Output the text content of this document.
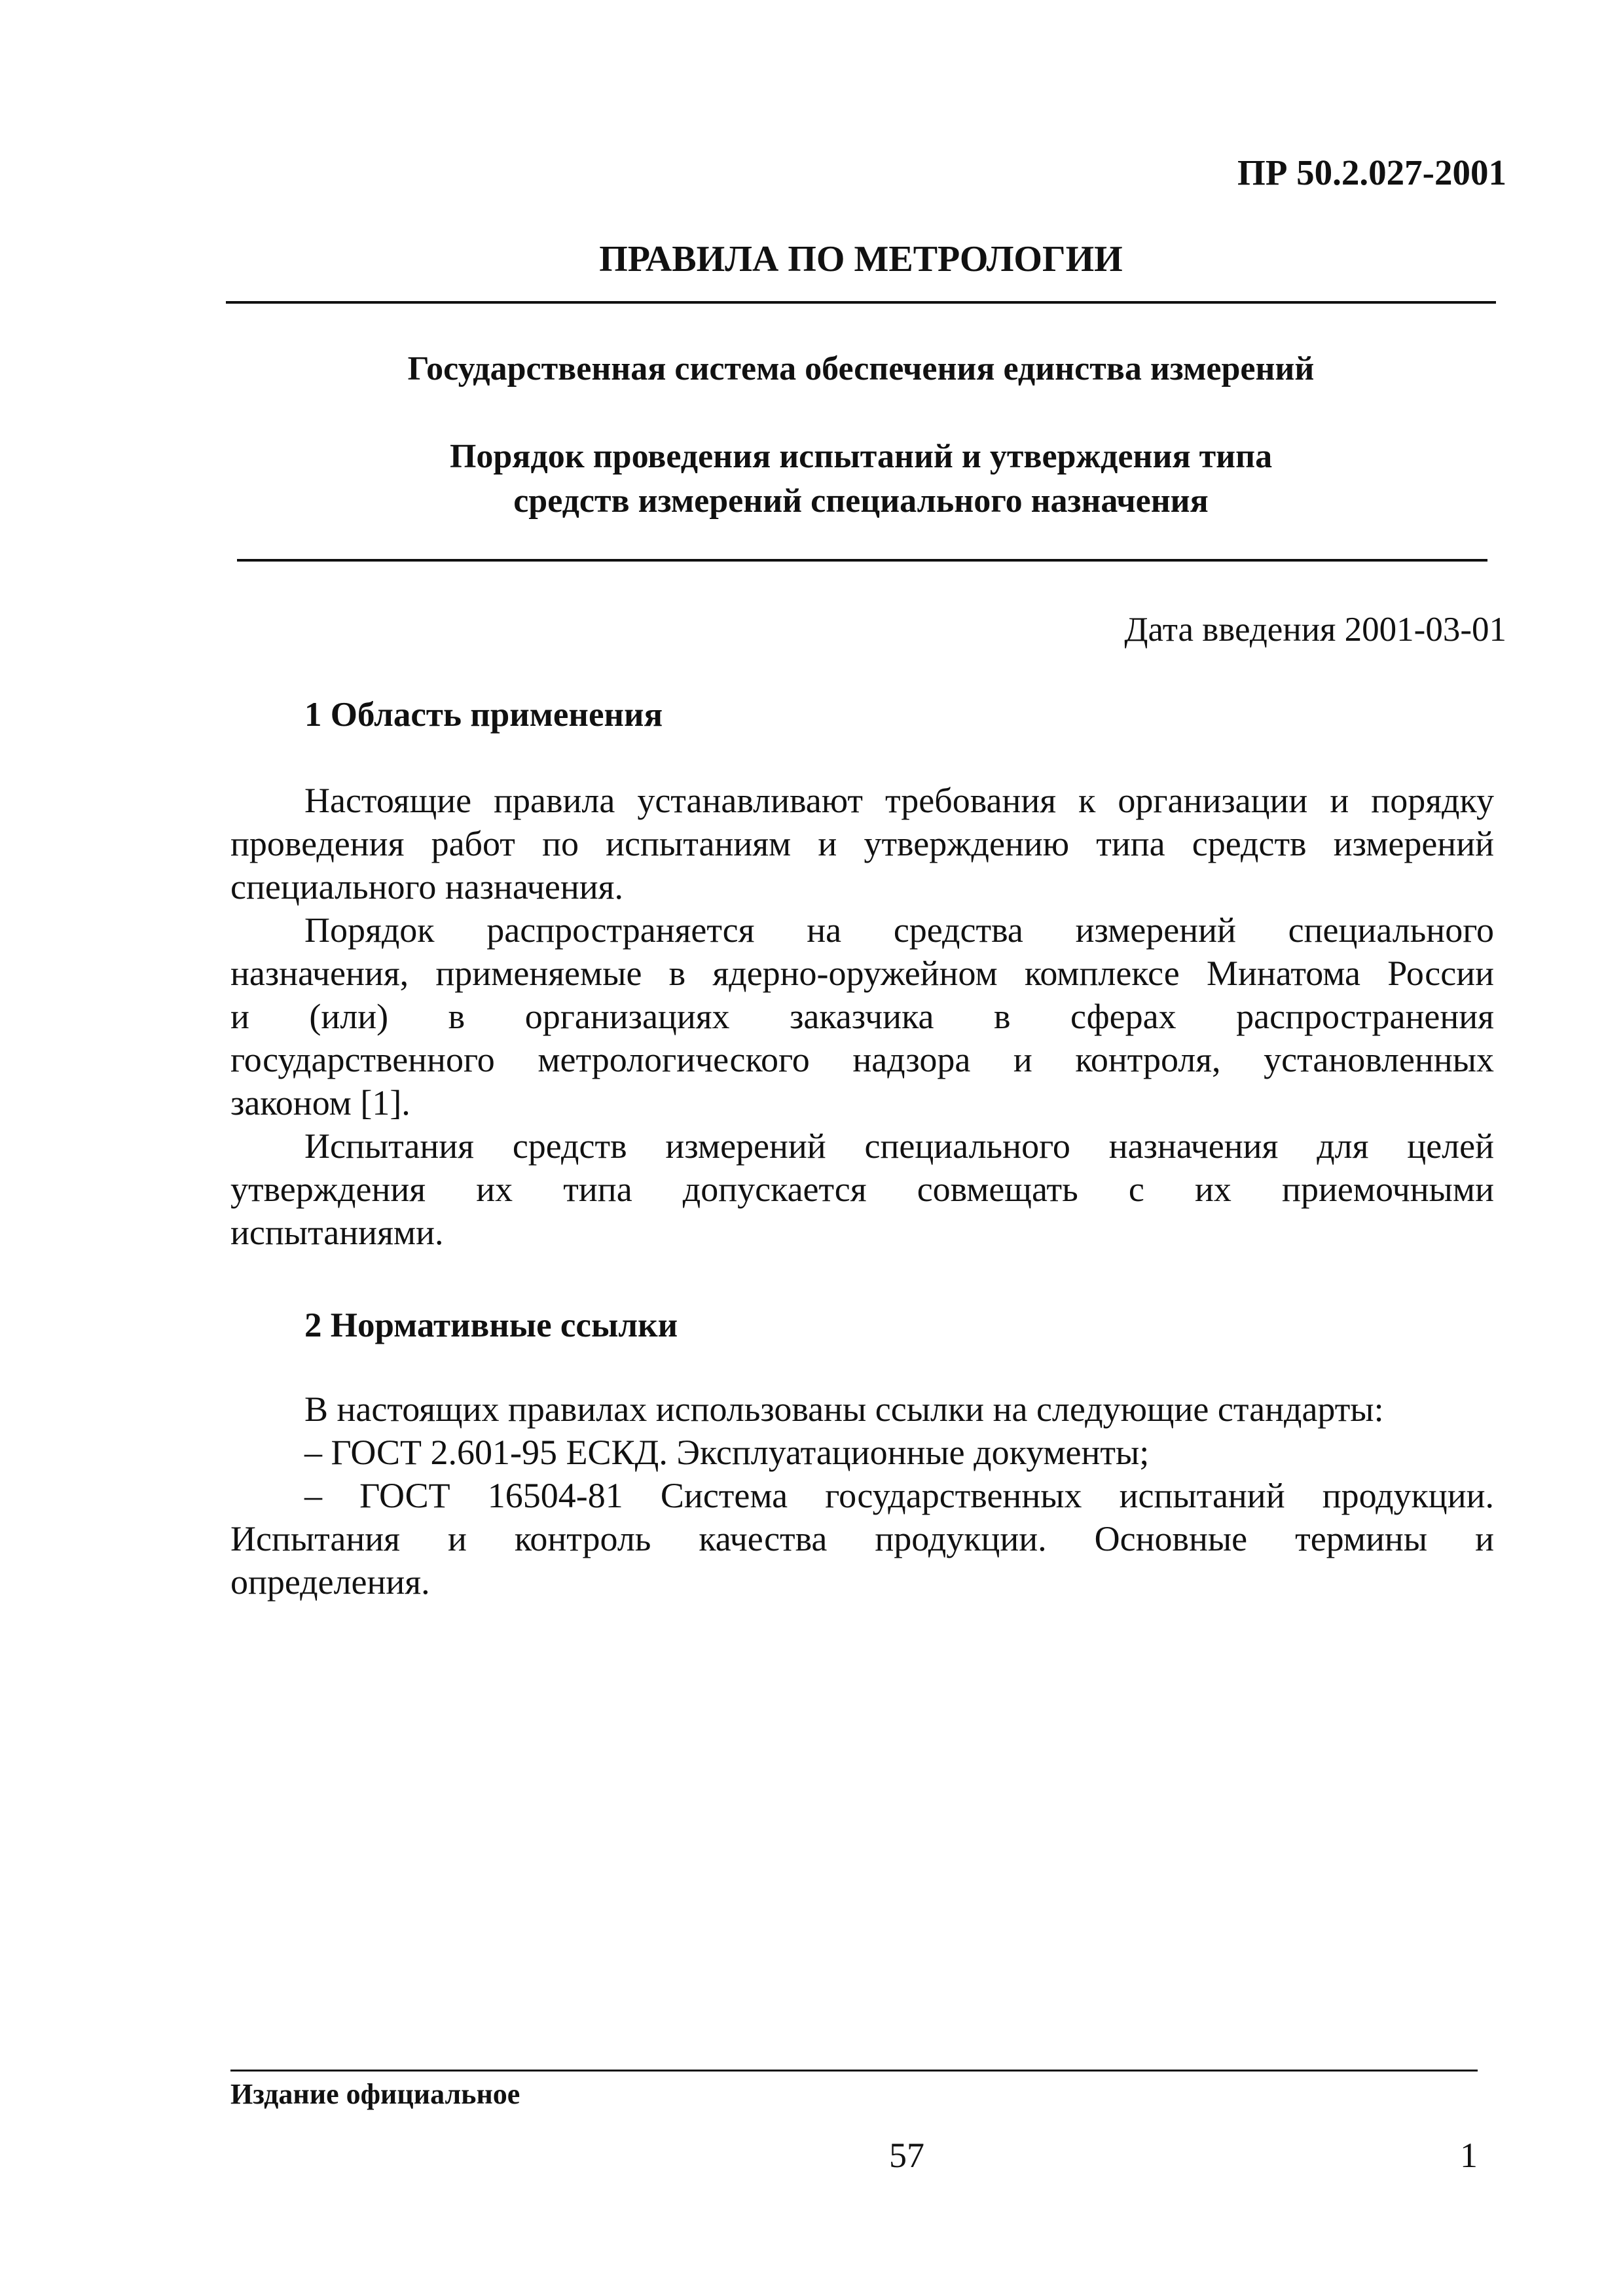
ПР 50.2.027-2001
ПРАВИЛА ПО МЕТРОЛОГИИ
Государственная система обеспечения единства измерений
Порядок проведения испытаний и утверждения типа
средств измерений специального назначения
Дата введения 2001-03-01
1 Область применения
Настоящие правила устанавливают требования к организации и порядку
проведения работ по испытаниям и утверждению типа средств измерений
специального назначения.
Порядок распространяется на средства измерений специального
назначения, применяемые в ядерно-оружейном комплексе Минатома России
и (или) в организациях заказчика в сферах распространения
государственного метрологического надзора и контроля, установленных
законом [1].
Испытания средств измерений специального назначения для целей
утверждения их типа допускается совмещать с их приемочными
испытаниями.
2 Нормативные ссылки
В настоящих правилах использованы ссылки на следующие стандарты:
– ГОСТ 2.601-95 ЕСКД. Эксплуатационные документы;
– ГОСТ 16504-81 Система государственных испытаний продукции.
Испытания и контроль качества продукции. Основные термины и
определения.
Издание официальное
57	1
